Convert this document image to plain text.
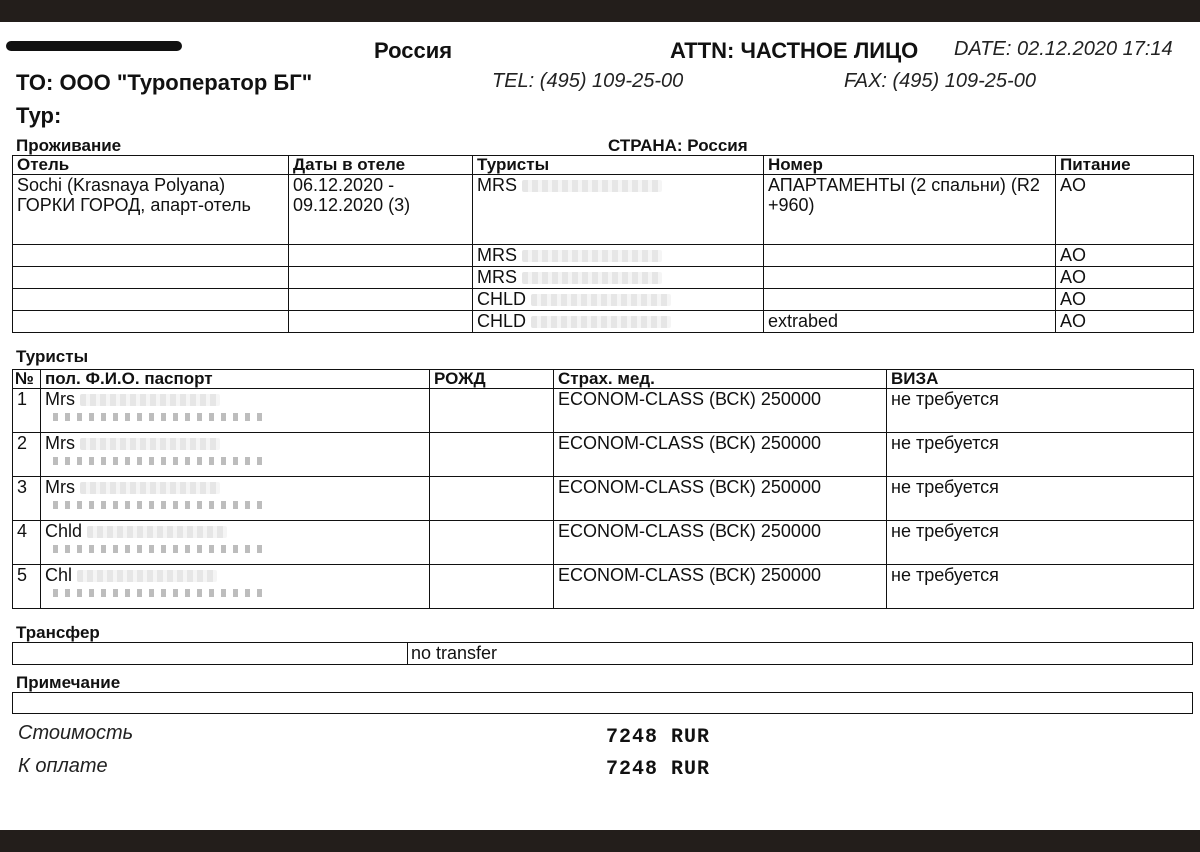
Россия	ATTN: ЧАСТНОЕ ЛИЦО DATE: 02.12.2020 17:14
ТО: ООО "Туроператор БГ"	TEL: (495) 109-25-00	FAX: (495) 109-25-00
Тур:
Проживание	СТРАНА: Россия
Отель	Даты в отеле	Туристы	Номер	Питание
Sochi (Krasnaya Polyana) ГОРКИ ГОРОД, апарт-отель	06.12.2020 - 09.12.2020 (3)	MRS	АПАРТАМЕНТЫ (2 спальни) (R2 +960)	AO
		MRS		AO
		MRS		AO
		CHLD		AO
		CHLD	extrabed	AO
Туристы
№	пол. Ф.И.О. паспорт	РОЖД	Страх. мед.	ВИЗА
1	Mrs		ECONOM-CLASS (ВСК) 250000	не требуется
2	Mrs		ECONOM-CLASS (ВСК) 250000	не требуется
3	Mrs		ECONOM-CLASS (ВСК) 250000	не требуется
4	Chld		ECONOM-CLASS (ВСК) 250000	не требуется
5	Chl		ECONOM-CLASS (ВСК) 250000	не требуется
Трансфер
no transfer
Примечание
Стоимость	7248 RUR
К оплате	7248 RUR
